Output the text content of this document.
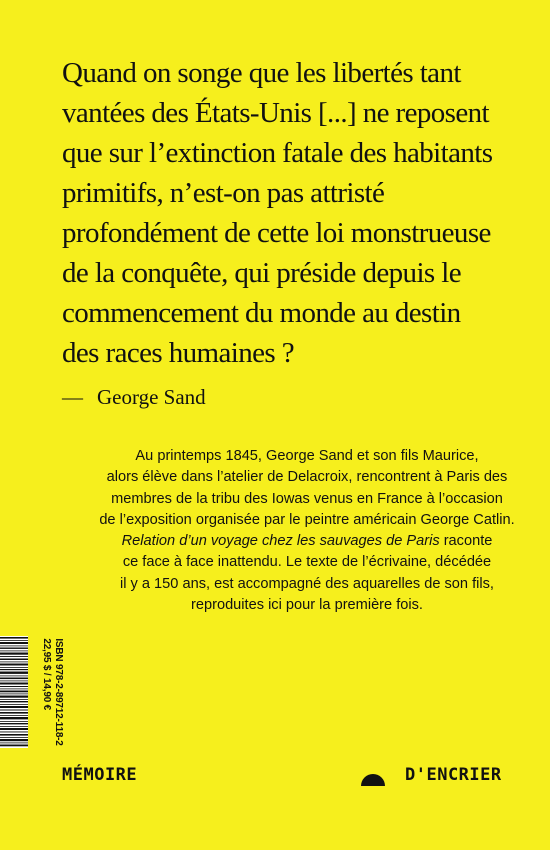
Quand on songe que les libertés tant
vantées des États-Unis [...] ne reposent
que sur l’extinction fatale des habitants
primitifs, n’est-on pas attristé
profondément de cette loi monstrueuse
de la conquête, qui préside depuis le
commencement du monde au destin
des races humaines ?

— George Sand
Au printemps 1845, George Sand et son fils Maurice,
alors élève dans l’atelier de Delacroix, rencontrent à Paris des
membres de la tribu des Iowas venus en France à l’occasion
de l’exposition organisée par le peintre américain George Catlin.
Relation d’un voyage chez les sauvages de Paris raconte
ce face à face inattendu. Le texte de l’écrivaine, décédée
il y a 150 ans, est accompagné des aquarelles de son fils,
reproduites ici pour la première fois.
ISBN 978-2-89712-118-2
22,95 $ / 14,90 €
MÉMOIRE	D'ENCRIER
